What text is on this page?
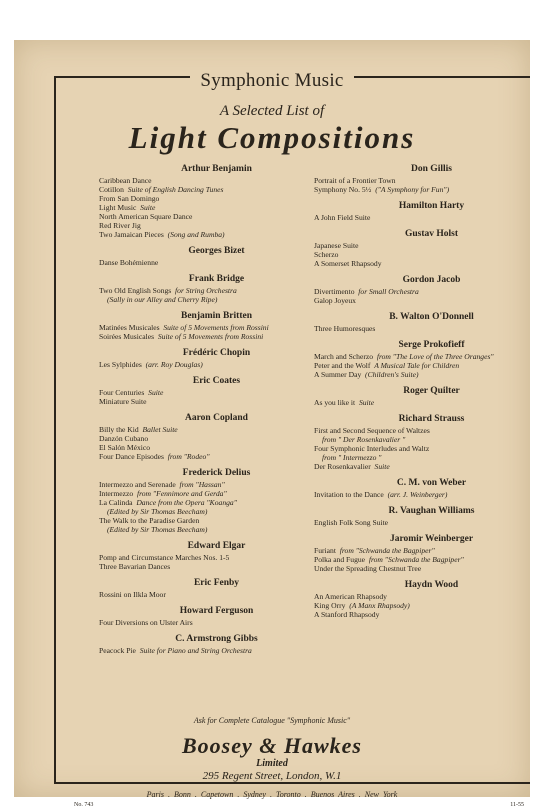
Symphonic Music
A Selected List of
Light Compositions
Arthur Benjamin
Caribbean Dance
Cotillon Suite of English Dancing Tunes
From San Domingo
Light Music Suite
North American Square Dance
Red River Jig
Two Jamaican Pieces (Song and Rumba)
Georges Bizet
Danse Bohémienne
Frank Bridge
Two Old English Songs for String Orchestra
(Sally in our Alley and Cherry Ripe)
Benjamin Britten
Matinées Musicales Suite of 5 Movements from Rossini
Soirées Musicales Suite of 5 Movements from Rossini
Frédéric Chopin
Les Sylphides (arr. Roy Douglas)
Eric Coates
Four Centuries Suite
Miniature Suite
Aaron Copland
Billy the Kid Ballet Suite
Danzón Cubano
El Salón México
Four Dance Episodes from "Rodeo"
Frederick Delius
Intermezzo and Serenade from "Hassan"
Intermezzo from "Fennimore and Gerda"
La Calinda Dance from the Opera "Koanga"
(Edited by Sir Thomas Beecham)
The Walk to the Paradise Garden
(Edited by Sir Thomas Beecham)
Edward Elgar
Pomp and Circumstance Marches Nos. 1-5
Three Bavarian Dances
Eric Fenby
Rossini on Ilkla Moor
Howard Ferguson
Four Diversions on Ulster Airs
C. Armstrong Gibbs
Peacock Pie Suite for Piano and String Orchestra
Don Gillis
Portrait of a Frontier Town
Symphony No. 5½ ("A Symphony for Fun")
Hamilton Harty
A John Field Suite
Gustav Holst
Japanese Suite
Scherzo
A Somerset Rhapsody
Gordon Jacob
Divertimento for Small Orchestra
Galop Joyeux
B. Walton O'Donnell
Three Humoresques
Serge Prokofieff
March and Scherzo from "The Love of the Three Oranges"
Peter and the Wolf A Musical Tale for Children
A Summer Day (Children's Suite)
Roger Quilter
As you like it Suite
Richard Strauss
First and Second Sequence of Waltzes
from " Der Rosenkavalier "
Four Symphonic Interludes and Waltz
from " Intermezzo "
Der Rosenkavalier Suite
C. M. von Weber
Invitation to the Dance (arr. J. Weinberger)
R. Vaughan Williams
English Folk Song Suite
Jaromir Weinberger
Furiant from "Schwanda the Bagpiper"
Polka and Fugue from "Schwanda the Bagpiper"
Under the Spreading Chestnut Tree
Haydn Wood
An American Rhapsody
King Orry (A Manx Rhapsody)
A Stanford Rhapsody
Ask for Complete Catalogue "Symphonic Music"
Boosey & Hawkes
Limited
295 Regent Street, London, W.1
Paris . Bonn . Capetown . Sydney . Toronto . Buenos Aires . New York
No. 743	11-55
